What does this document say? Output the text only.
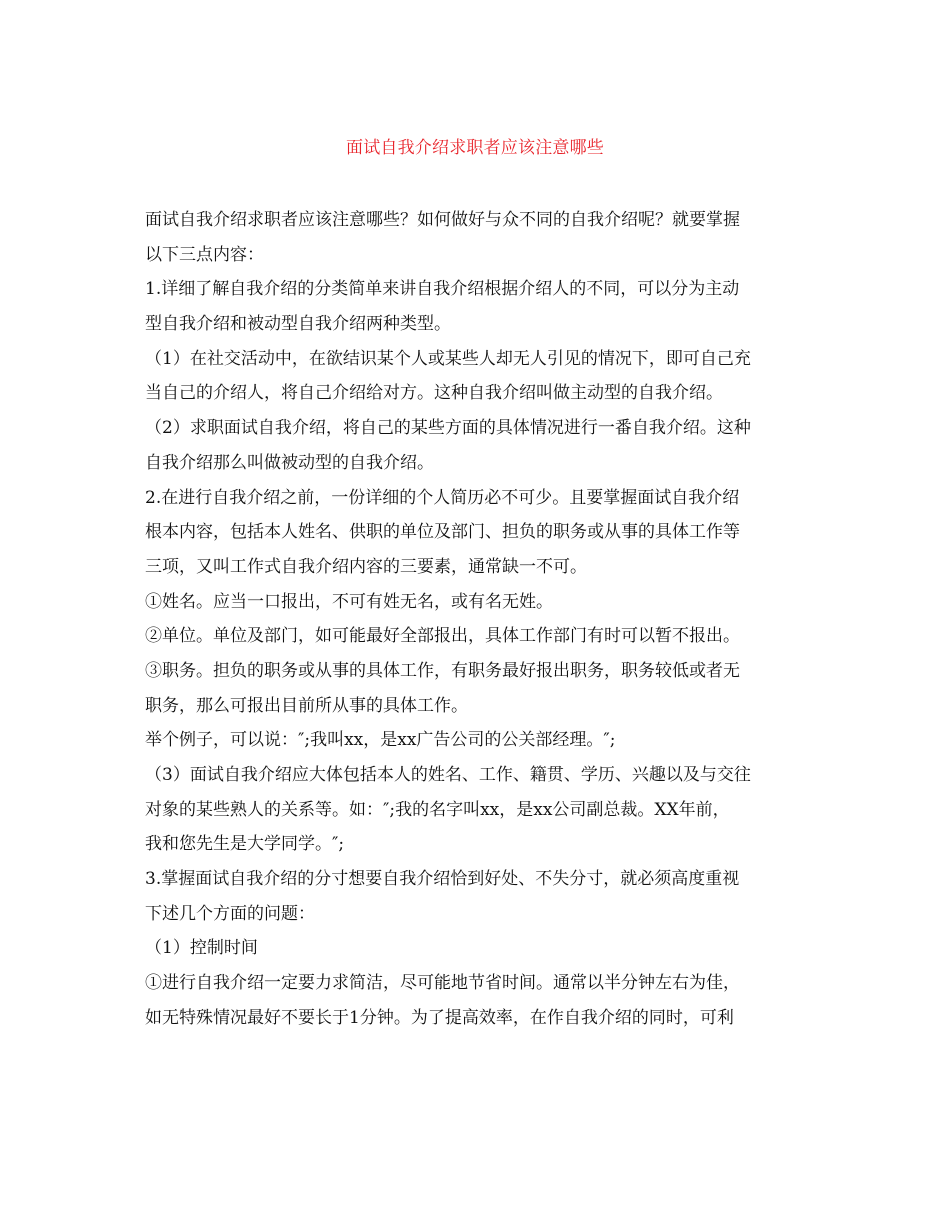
面试自我介绍求职者应该注意哪些
面试自我介绍求职者应该注意哪些？如何做好与众不同的自我介绍呢？就要掌握
以下三点内容：
1.详细了解自我介绍的分类简单来讲自我介绍根据介绍人的不同，可以分为主动
型自我介绍和被动型自我介绍两种类型。
（1）在社交活动中，在欲结识某个人或某些人却无人引见的情况下，即可自己充
当自己的介绍人，将自己介绍给对方。这种自我介绍叫做主动型的自我介绍。
（2）求职面试自我介绍，将自己的某些方面的具体情况进行一番自我介绍。这种
自我介绍那么叫做被动型的自我介绍。
2.在进行自我介绍之前，一份详细的个人简历必不可少。且要掌握面试自我介绍
根本内容，包括本人姓名、供职的单位及部门、担负的职务或从事的具体工作等
三项，又叫工作式自我介绍内容的三要素，通常缺一不可。
①姓名。应当一口报出，不可有姓无名，或有名无姓。
②单位。单位及部门，如可能最好全部报出，具体工作部门有时可以暂不报出。
③职务。担负的职务或从事的具体工作，有职务最好报出职务，职务较低或者无
职务，那么可报出目前所从事的具体工作。
举个例子，可以说：″;我叫xx，是xx广告公司的公关部经理。″;
（3）面试自我介绍应大体包括本人的姓名、工作、籍贯、学历、兴趣以及与交往
对象的某些熟人的关系等。如：″;我的名字叫xx，是xx公司副总裁。XX年前，
我和您先生是大学同学。″;
3.掌握面试自我介绍的分寸想要自我介绍恰到好处、不失分寸，就必须高度重视
下述几个方面的问题：
（1）控制时间
①进行自我介绍一定要力求简洁，尽可能地节省时间。通常以半分钟左右为佳，
如无特殊情况最好不要长于1分钟。为了提高效率，在作自我介绍的同时，可利
